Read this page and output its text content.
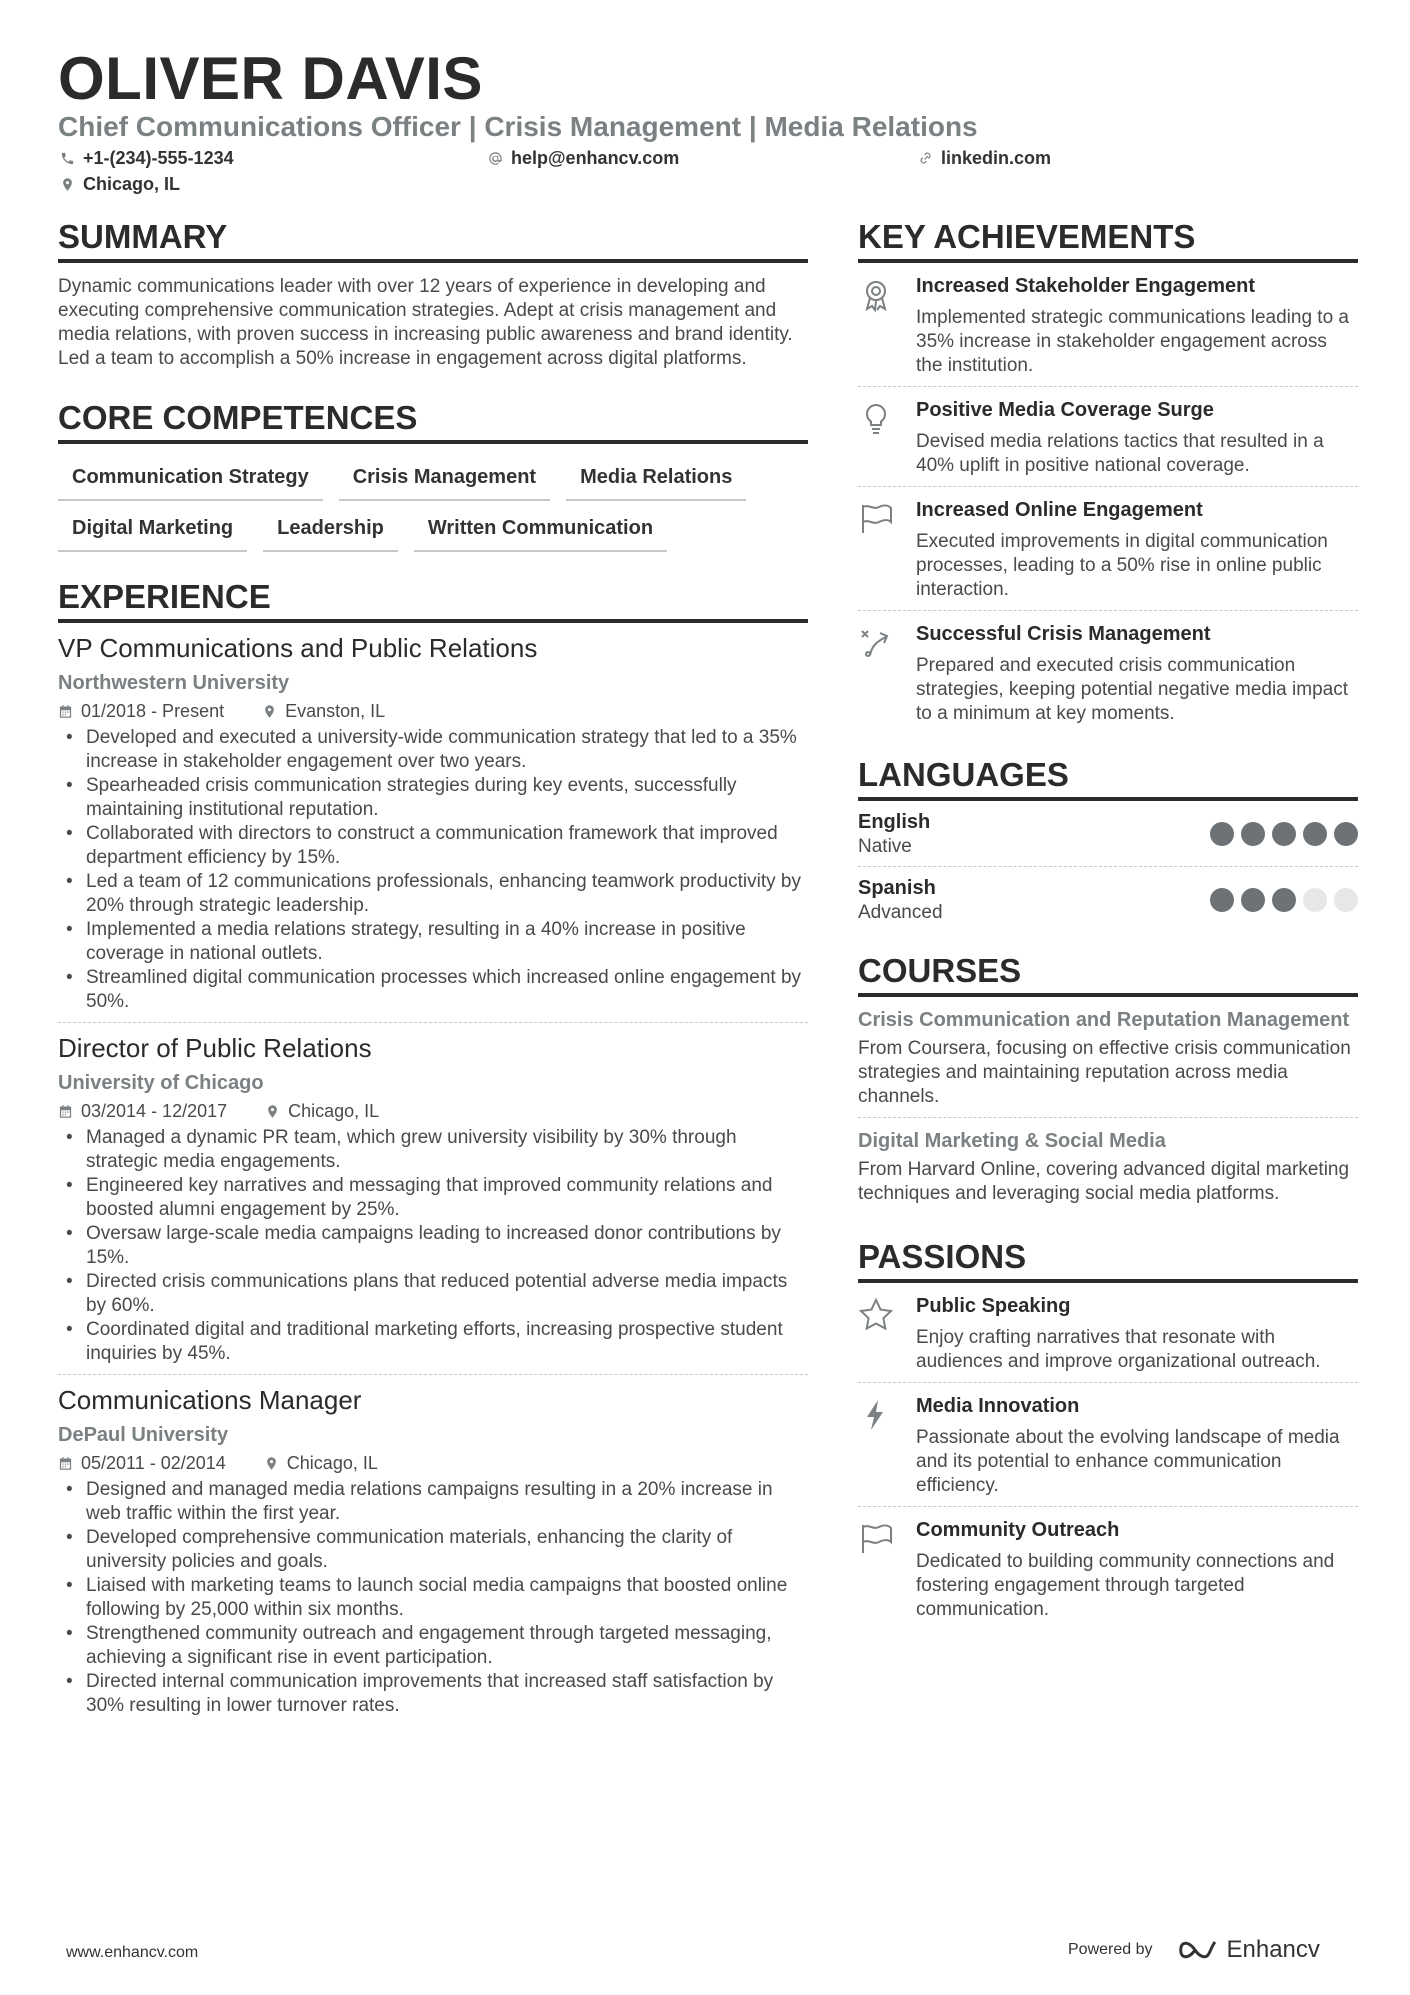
OLIVER DAVIS
Chief Communications Officer | Crisis Management | Media Relations
+1-(234)-555-1234	help@enhancv.com	linkedin.com
Chicago, IL
SUMMARY
Dynamic communications leader with over 12 years of experience in developing and executing comprehensive communication strategies. Adept at crisis management and media relations, with proven success in increasing public awareness and brand identity. Led a team to accomplish a 50% increase in engagement across digital platforms.
CORE COMPETENCES
Communication Strategy	Crisis Management	Media Relations
Digital Marketing	Leadership	Written Communication
EXPERIENCE
VP Communications and Public Relations
Northwestern University
01/2018 - Present	Evanston, IL
• Developed and executed a university-wide communication strategy that led to a 35% increase in stakeholder engagement over two years.
• Spearheaded crisis communication strategies during key events, successfully maintaining institutional reputation.
• Collaborated with directors to construct a communication framework that improved department efficiency by 15%.
• Led a team of 12 communications professionals, enhancing teamwork productivity by 20% through strategic leadership.
• Implemented a media relations strategy, resulting in a 40% increase in positive coverage in national outlets.
• Streamlined digital communication processes which increased online engagement by 50%.
Director of Public Relations
University of Chicago
03/2014 - 12/2017	Chicago, IL
• Managed a dynamic PR team, which grew university visibility by 30% through strategic media engagements.
• Engineered key narratives and messaging that improved community relations and boosted alumni engagement by 25%.
• Oversaw large-scale media campaigns leading to increased donor contributions by 15%.
• Directed crisis communications plans that reduced potential adverse media impacts by 60%.
• Coordinated digital and traditional marketing efforts, increasing prospective student inquiries by 45%.
Communications Manager
DePaul University
05/2011 - 02/2014	Chicago, IL
• Designed and managed media relations campaigns resulting in a 20% increase in web traffic within the first year.
• Developed comprehensive communication materials, enhancing the clarity of university policies and goals.
• Liaised with marketing teams to launch social media campaigns that boosted online following by 25,000 within six months.
• Strengthened community outreach and engagement through targeted messaging, achieving a significant rise in event participation.
• Directed internal communication improvements that increased staff satisfaction by 30% resulting in lower turnover rates.
KEY ACHIEVEMENTS
Increased Stakeholder Engagement
Implemented strategic communications leading to a 35% increase in stakeholder engagement across the institution.
Positive Media Coverage Surge
Devised media relations tactics that resulted in a 40% uplift in positive national coverage.
Increased Online Engagement
Executed improvements in digital communication processes, leading to a 50% rise in online public interaction.
Successful Crisis Management
Prepared and executed crisis communication strategies, keeping potential negative media impact to a minimum at key moments.
LANGUAGES
English
Native
Spanish
Advanced
COURSES
Crisis Communication and Reputation Management
From Coursera, focusing on effective crisis communication strategies and maintaining reputation across media channels.
Digital Marketing & Social Media
From Harvard Online, covering advanced digital marketing techniques and leveraging social media platforms.
PASSIONS
Public Speaking
Enjoy crafting narratives that resonate with audiences and improve organizational outreach.
Media Innovation
Passionate about the evolving landscape of media and its potential to enhance communication efficiency.
Community Outreach
Dedicated to building community connections and fostering engagement through targeted communication.
www.enhancv.com	Powered by	Enhancv
